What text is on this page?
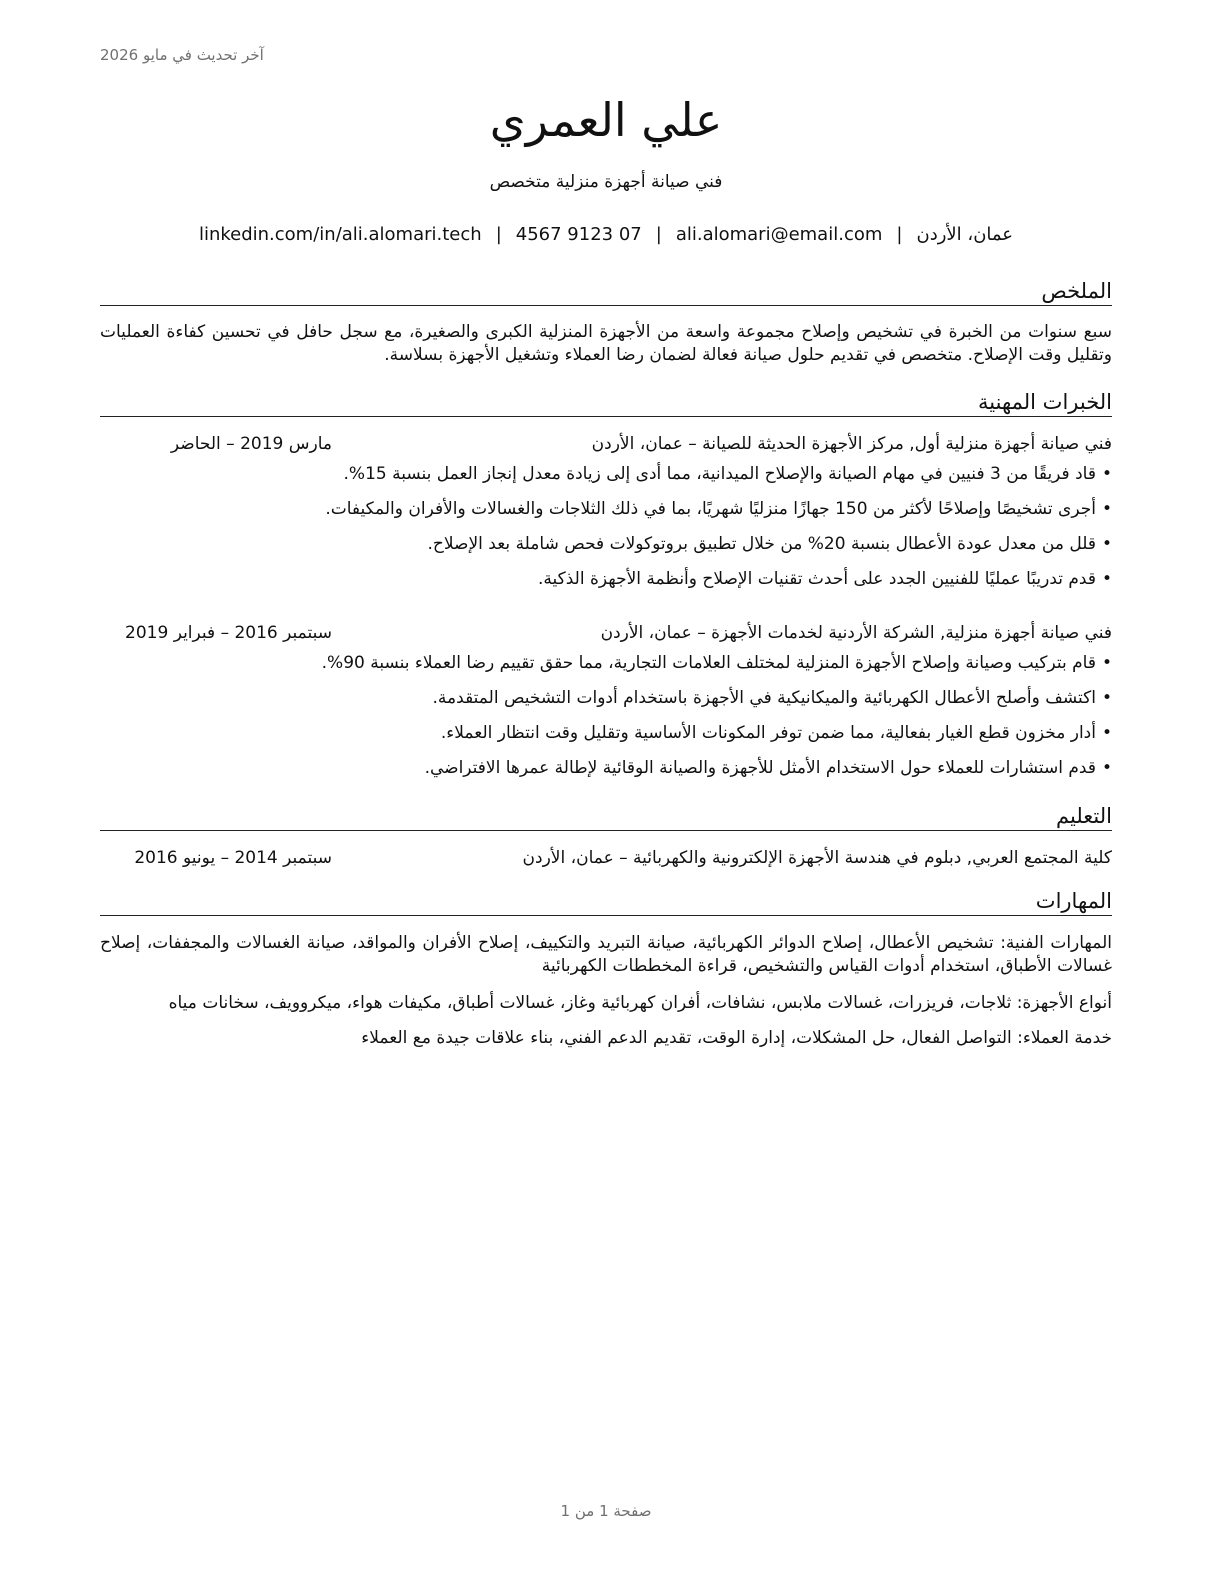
آخر تحديث في مايو 2026
علي العمري
فني صيانة أجهزة منزلية متخصص
عمان، الأردن|ali.alomari@email.com|4567 9123 07|linkedin.com/in/ali.alomari.tech
الملخص

سبع سنوات من الخبرة في تشخيص وإصلاح مجموعة واسعة من الأجهزة المنزلية الكبرى والصغيرة، مع سجل حافل في تحسين كفاءة العمليات وتقليل وقت الإصلاح. متخصص في تقديم حلول صيانة فعالة لضمان رضا العملاء وتشغيل الأجهزة بسلاسة.

الخبرات المهنية
فني صيانة أجهزة منزلية أول, مركز الأجهزة الحديثة للصيانة – عمان، الأردن
مارس 2019 – الحاضر
• قاد فريقًا من 3 فنيين في مهام الصيانة والإصلاح الميدانية، مما أدى إلى زيادة معدل إنجاز العمل بنسبة 15%.
• أجرى تشخيصًا وإصلاحًا لأكثر من 150 جهازًا منزليًا شهريًا، بما في ذلك الثلاجات والغسالات والأفران والمكيفات.
• قلل من معدل عودة الأعطال بنسبة 20% من خلال تطبيق بروتوكولات فحص شاملة بعد الإصلاح.
• قدم تدريبًا عمليًا للفنيين الجدد على أحدث تقنيات الإصلاح وأنظمة الأجهزة الذكية.
فني صيانة أجهزة منزلية, الشركة الأردنية لخدمات الأجهزة – عمان، الأردن
سبتمبر 2016 – فبراير 2019
• قام بتركيب وصيانة وإصلاح الأجهزة المنزلية لمختلف العلامات التجارية، مما حقق تقييم رضا العملاء بنسبة 90%.
• اكتشف وأصلح الأعطال الكهربائية والميكانيكية في الأجهزة باستخدام أدوات التشخيص المتقدمة.
• أدار مخزون قطع الغيار بفعالية، مما ضمن توفر المكونات الأساسية وتقليل وقت انتظار العملاء.
• قدم استشارات للعملاء حول الاستخدام الأمثل للأجهزة والصيانة الوقائية لإطالة عمرها الافتراضي.
التعليم
كلية المجتمع العربي, دبلوم في هندسة الأجهزة الإلكترونية والكهربائية – عمان، الأردن
سبتمبر 2014 – يونيو 2016
المهارات

المهارات الفنية: تشخيص الأعطال، إصلاح الدوائر الكهربائية، صيانة التبريد والتكييف، إصلاح الأفران والمواقد، صيانة الغسالات والمجففات، إصلاح غسالات الأطباق، استخدام أدوات القياس والتشخيص، قراءة المخططات الكهربائية

أنواع الأجهزة: ثلاجات، فريزرات، غسالات ملابس، نشافات، أفران كهربائية وغاز، غسالات أطباق، مكيفات هواء، ميكروويف، سخانات مياه

خدمة العملاء: التواصل الفعال، حل المشكلات، إدارة الوقت، تقديم الدعم الفني، بناء علاقات جيدة مع العملاء

صفحة 1 من 1
